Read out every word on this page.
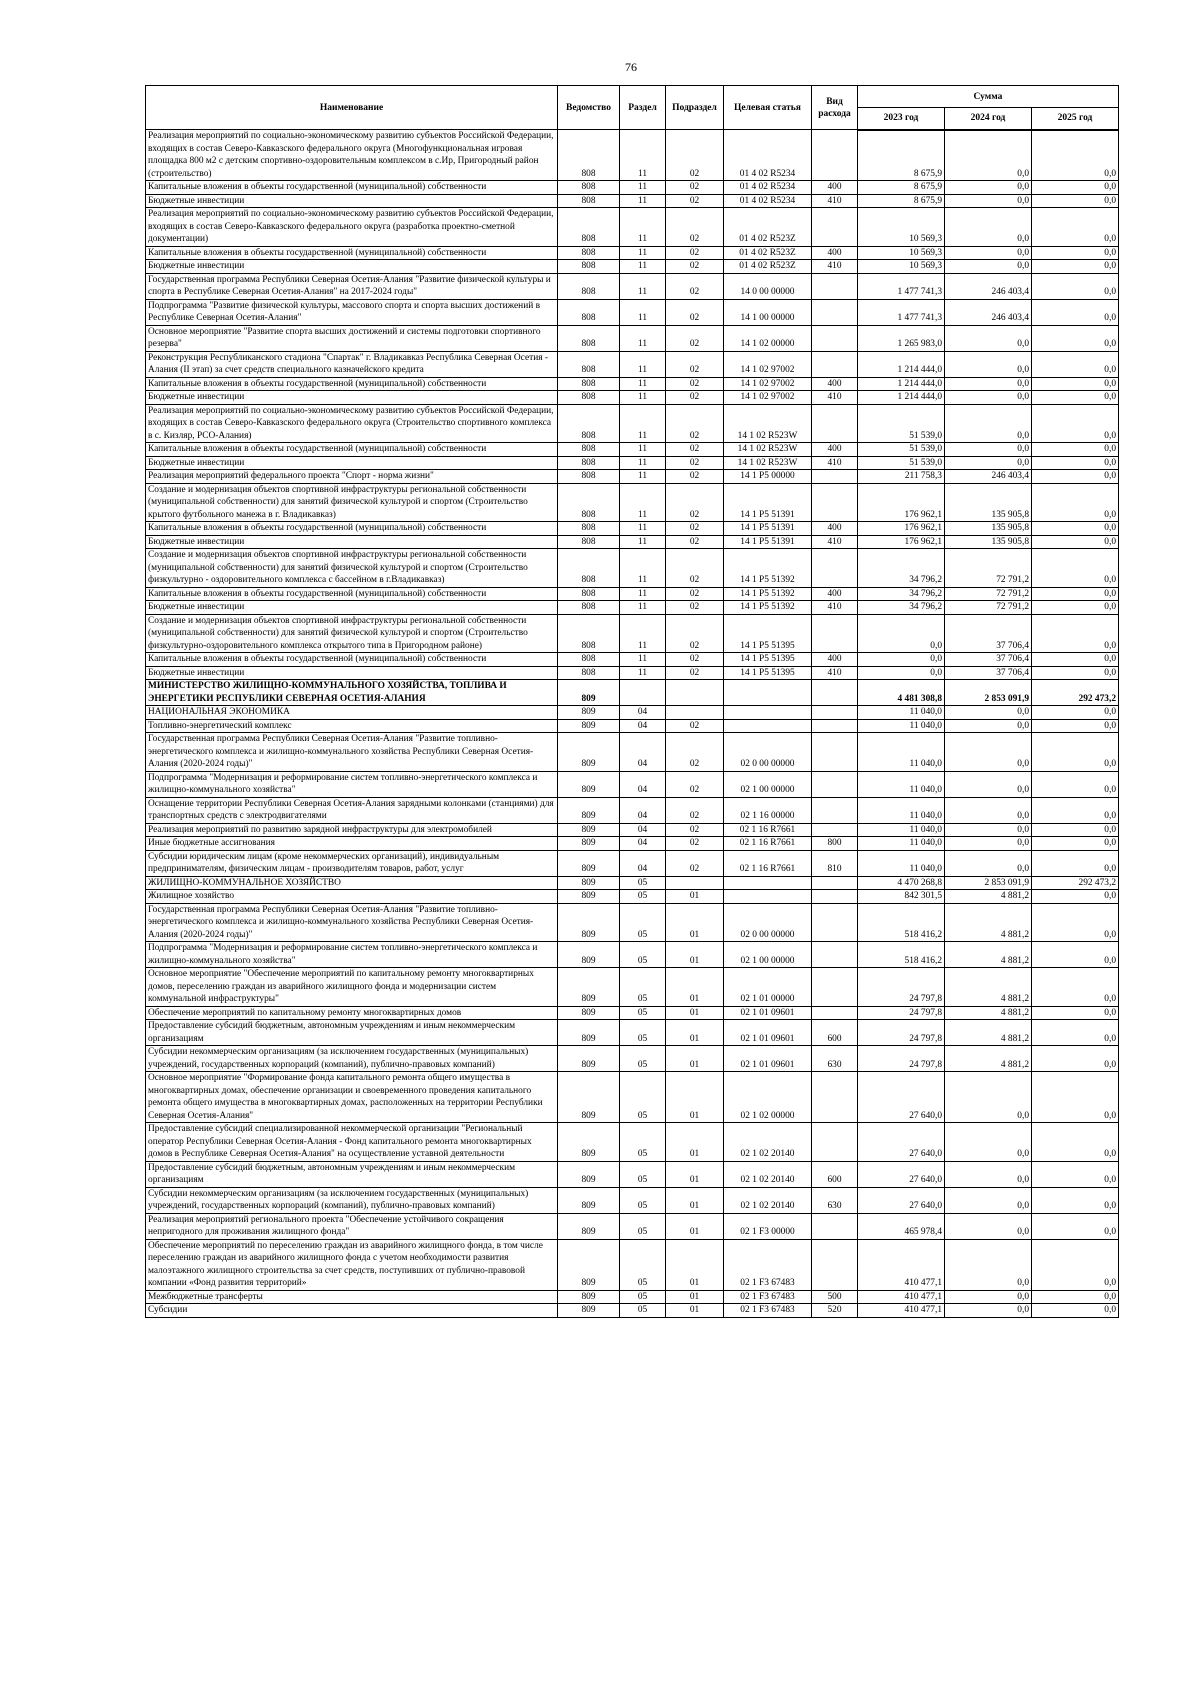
76
Наименование	Ведомство	Раздел	Подраздел	Целевая статья	Вид расхода	Сумма		
						2023 год	2024 год	2025 год
Реализация мероприятий по социально-экономическому развитию субъектов Российской Федерации, входящих в состав Северо-Кавказского федерального округа (Многофункциональная игровая площадка 800 м2 с детским спортивно-оздоровительным комплексом в с.Ир, Пригородный район (строительство)	808	11	02	01 4 02 R5234		8 675,9	0,0	0,0
Капитальные вложения в объекты государственной (муниципальной) собственности	808	11	02	01 4 02 R5234	400	8 675,9	0,0	0,0
Бюджетные инвестиции	808	11	02	01 4 02 R5234	410	8 675,9	0,0	0,0
Реализация мероприятий по социально-экономическому развитию субъектов Российской Федерации, входящих в состав Северо-Кавказского федерального округа (разработка проектно-сметной документации)	808	11	02	01 4 02 R523Z		10 569,3	0,0	0,0
Капитальные вложения в объекты государственной (муниципальной) собственности	808	11	02	01 4 02 R523Z	400	10 569,3	0,0	0,0
Бюджетные инвестиции	808	11	02	01 4 02 R523Z	410	10 569,3	0,0	0,0
Государственная программа Республики Северная Осетия-Алания "Развитие физической культуры и спорта в Республике Северная Осетия-Алания" на 2017-2024 годы"	808	11	02	14 0 00 00000		1 477 741,3	246 403,4	0,0
Подпрограмма "Развитие физической культуры, массового спорта и спорта высших достижений в Республике Северная Осетия-Алания"	808	11	02	14 1 00 00000		1 477 741,3	246 403,4	0,0
Основное мероприятие "Развитие спорта высших достижений и системы подготовки спортивного резерва"	808	11	02	14 1 02 00000		1 265 983,0	0,0	0,0
Реконструкция Республиканского стадиона "Спартак" г. Владикавказ Республика Северная Осетия - Алания (II этап) за счет средств специального казначейского кредита	808	11	02	14 1 02 97002		1 214 444,0	0,0	0,0
Капитальные вложения в объекты государственной (муниципальной) собственности	808	11	02	14 1 02 97002	400	1 214 444,0	0,0	0,0
Бюджетные инвестиции	808	11	02	14 1 02 97002	410	1 214 444,0	0,0	0,0
Реализация мероприятий по социально-экономическому развитию субъектов Российской Федерации, входящих в состав Северо-Кавказского федерального округа (Строительство спортивного комплекса в с. Кизляр, РСО-Алания)	808	11	02	14 1 02 R523W		51 539,0	0,0	0,0
Капитальные вложения в объекты государственной (муниципальной) собственности	808	11	02	14 1 02 R523W	400	51 539,0	0,0	0,0
Бюджетные инвестиции	808	11	02	14 1 02 R523W	410	51 539,0	0,0	0,0
Реализация мероприятий федерального проекта "Спорт - норма жизни"	808	11	02	14 1 P5 00000		211 758,3	246 403,4	0,0
Создание и модернизация объектов спортивной инфраструктуры региональной собственности (муниципальной собственности) для занятий физической культурой и спортом (Строительство крытого футбольного манежа в г. Владикавказ)	808	11	02	14 1 P5 51391		176 962,1	135 905,8	0,0
Капитальные вложения в объекты государственной (муниципальной) собственности	808	11	02	14 1 P5 51391	400	176 962,1	135 905,8	0,0
Бюджетные инвестиции	808	11	02	14 1 P5 51391	410	176 962,1	135 905,8	0,0
Создание и модернизация объектов спортивной инфраструктуры региональной собственности (муниципальной собственности) для занятий физической культурой и спортом (Строительство физкультурно - оздоровительного комплекса с бассейном в г.Владикавказ)	808	11	02	14 1 P5 51392		34 796,2	72 791,2	0,0
Капитальные вложения в объекты государственной (муниципальной) собственности	808	11	02	14 1 P5 51392	400	34 796,2	72 791,2	0,0
Бюджетные инвестиции	808	11	02	14 1 P5 51392	410	34 796,2	72 791,2	0,0
Создание и модернизация объектов спортивной инфраструктуры региональной собственности (муниципальной собственности) для занятий физической культурой и спортом (Строительство физкультурно-оздоровительного комплекса открытого типа в Пригородном районе)	808	11	02	14 1 P5 51395		0,0	37 706,4	0,0
Капитальные вложения в объекты государственной (муниципальной) собственности	808	11	02	14 1 P5 51395	400	0,0	37 706,4	0,0
Бюджетные инвестиции	808	11	02	14 1 P5 51395	410	0,0	37 706,4	0,0
МИНИСТЕРСТВО ЖИЛИЩНО-КОММУНАЛЬНОГО ХОЗЯЙСТВА, ТОПЛИВА И ЭНЕРГЕТИКИ РЕСПУБЛИКИ СЕВЕРНАЯ ОСЕТИЯ-АЛАНИЯ	809					4 481 308,8	2 853 091,9	292 473,2
НАЦИОНАЛЬНАЯ ЭКОНОМИКА	809	04				11 040,0	0,0	0,0
Топливно-энергетический комплекс	809	04	02			11 040,0	0,0	0,0
Государственная программа Республики Северная Осетия-Алания "Развитие топливно-энергетического комплекса и жилищно-коммунального хозяйства Республики Северная Осетия-Алания (2020-2024 годы)"	809	04	02	02 0 00 00000		11 040,0	0,0	0,0
Подпрограмма "Модернизация и реформирование систем топливно-энергетического комплекса и жилищно-коммунального хозяйства"	809	04	02	02 1 00 00000		11 040,0	0,0	0,0
Оснащение территории Республики Северная Осетия-Алания зарядными колонками (станциями) для транспортных средств с электродвигателями	809	04	02	02 1 16 00000		11 040,0	0,0	0,0
Реализация мероприятий по развитию зарядной инфраструктуры для электромобилей	809	04	02	02 1 16 R7661		11 040,0	0,0	0,0
Иные бюджетные ассигнования	809	04	02	02 1 16 R7661	800	11 040,0	0,0	0,0
Субсидии юридическим лицам (кроме некоммерческих организаций), индивидуальным предпринимателям, физическим лицам - производителям товаров, работ, услуг	809	04	02	02 1 16 R7661	810	11 040,0	0,0	0,0
ЖИЛИЩНО-КОММУНАЛЬНОЕ ХОЗЯЙСТВО	809	05				4 470 268,8	2 853 091,9	292 473,2
Жилищное хозяйство	809	05	01			842 301,5	4 881,2	0,0
Государственная программа Республики Северная Осетия-Алания "Развитие топливно-энергетического комплекса и жилищно-коммунального хозяйства Республики Северная Осетия-Алания (2020-2024 годы)"	809	05	01	02 0 00 00000		518 416,2	4 881,2	0,0
Подпрограмма "Модернизация и реформирование систем топливно-энергетического комплекса и жилищно-коммунального хозяйства"	809	05	01	02 1 00 00000		518 416,2	4 881,2	0,0
Основное мероприятие "Обеспечение мероприятий по капитальному ремонту многоквартирных домов, переселению граждан из аварийного жилищного фонда и модернизации систем коммунальной инфраструктуры"	809	05	01	02 1 01 00000		24 797,8	4 881,2	0,0
Обеспечение мероприятий по капитальному ремонту многоквартирных домов	809	05	01	02 1 01 09601		24 797,8	4 881,2	0,0
Предоставление субсидий бюджетным, автономным учреждениям и иным некоммерческим организациям	809	05	01	02 1 01 09601	600	24 797,8	4 881,2	0,0
Субсидии некоммерческим организациям (за исключением государственных (муниципальных) учреждений, государственных корпораций (компаний), публично-правовых компаний)	809	05	01	02 1 01 09601	630	24 797,8	4 881,2	0,0
Основное мероприятие "Формирование фонда капитального ремонта общего имущества в многоквартирных домах, обеспечение организации и своевременного проведения капитального ремонта общего имущества в многоквартирных домах, расположенных на территории Республики Северная Осетия-Алания"	809	05	01	02 1 02 00000		27 640,0	0,0	0,0
Предоставление субсидий специализированной некоммерческой организации "Региональный оператор Республики Северная Осетия-Алания - Фонд капитального ремонта многоквартирных домов в Республике Северная Осетия-Алания" на осуществление уставной деятельности	809	05	01	02 1 02 20140		27 640,0	0,0	0,0
Предоставление субсидий бюджетным, автономным учреждениям и иным некоммерческим организациям	809	05	01	02 1 02 20140	600	27 640,0	0,0	0,0
Субсидии некоммерческим организациям (за исключением государственных (муниципальных) учреждений, государственных корпораций (компаний), публично-правовых компаний)	809	05	01	02 1 02 20140	630	27 640,0	0,0	0,0
Реализация мероприятий регионального проекта "Обеспечение устойчивого сокращения непригодного для проживания жилищного фонда"	809	05	01	02 1 F3 00000		465 978,4	0,0	0,0
Обеспечение мероприятий по переселению граждан из аварийного жилищного фонда, в том числе переселению граждан из аварийного жилищного фонда с учетом необходимости развития малоэтажного жилищного строительства за счет средств, поступивших от публично-правовой компании «Фонд развития территорий»	809	05	01	02 1 F3 67483		410 477,1	0,0	0,0
Межбюджетные трансферты	809	05	01	02 1 F3 67483	500	410 477,1	0,0	0,0
Субсидии	809	05	01	02 1 F3 67483	520	410 477,1	0,0	0,0
